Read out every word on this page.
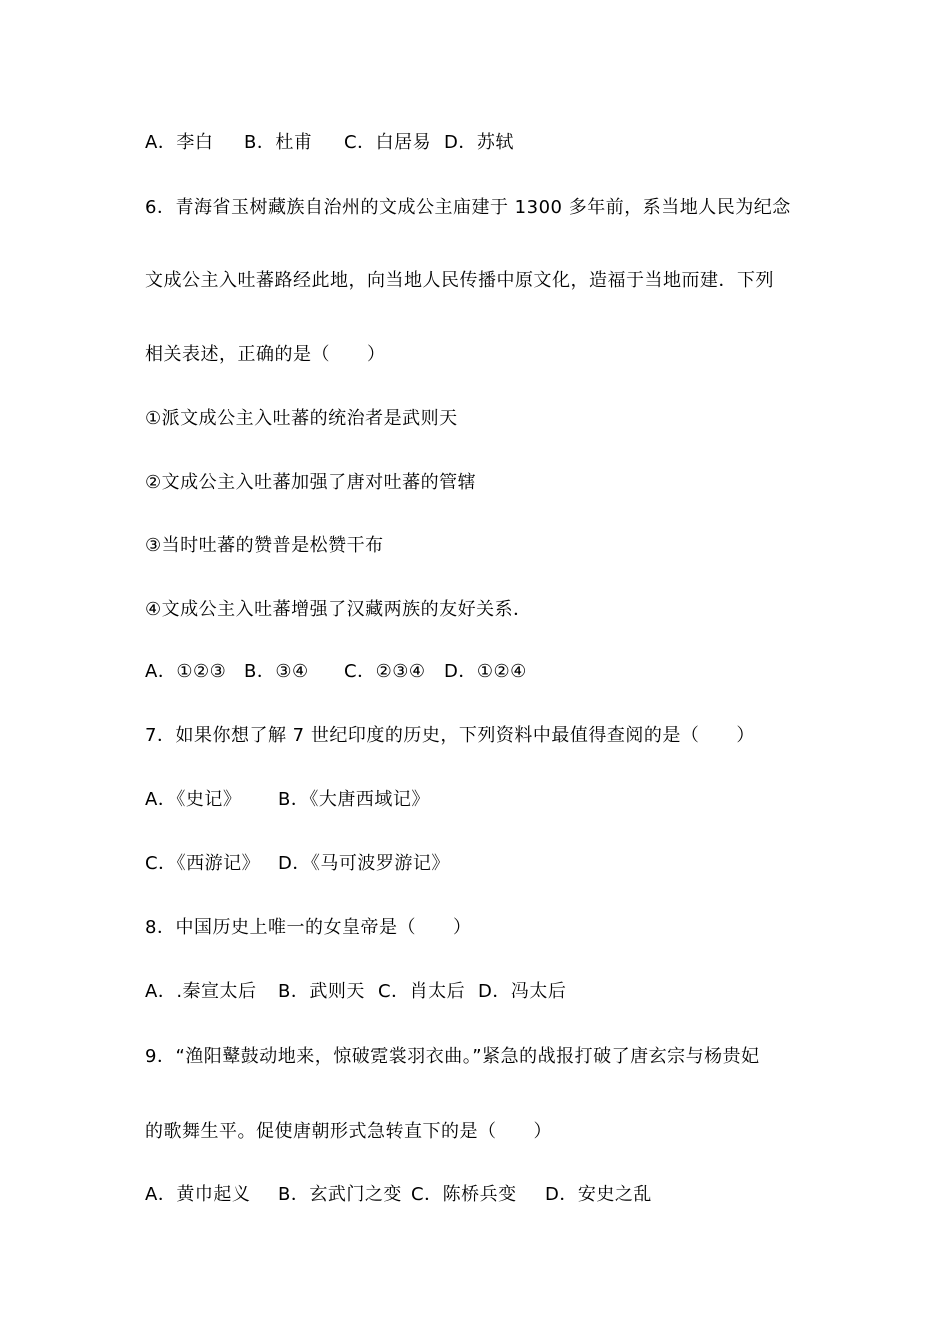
A．李白 B．杜甫 C．白居易 D．苏轼
6．青海省玉树藏族自治州的文成公主庙建于 1300 多年前，系当地人民为纪念
文成公主入吐蕃路经此地，向当地人民传播中原文化，造福于当地而建．下列
相关表述，正确的是（　　）
①派文成公主入吐蕃的统治者是武则天
②文成公主入吐蕃加强了唐对吐蕃的管辖
③当时吐蕃的赞普是松赞干布
④文成公主入吐蕃增强了汉藏两族的友好关系．
A．①②③ B．③④ C．②③④ D．①②④
7．如果你想了解 7 世纪印度的历史，下列资料中最值得查阅的是（　　）
A．《史记》 B．《大唐西域记》
C．《西游记》 D．《马可波罗游记》
8．中国历史上唯一的女皇帝是（　　）
A．.秦宣太后 B．武则天 C．肖太后 D．冯太后
9．“渔阳鼙鼓动地来，惊破霓裳羽衣曲。”紧急的战报打破了唐玄宗与杨贵妃
的歌舞生平。促使唐朝形式急转直下的是（　　）
A．黄巾起义 B．玄武门之变 C．陈桥兵变 D．安史之乱
